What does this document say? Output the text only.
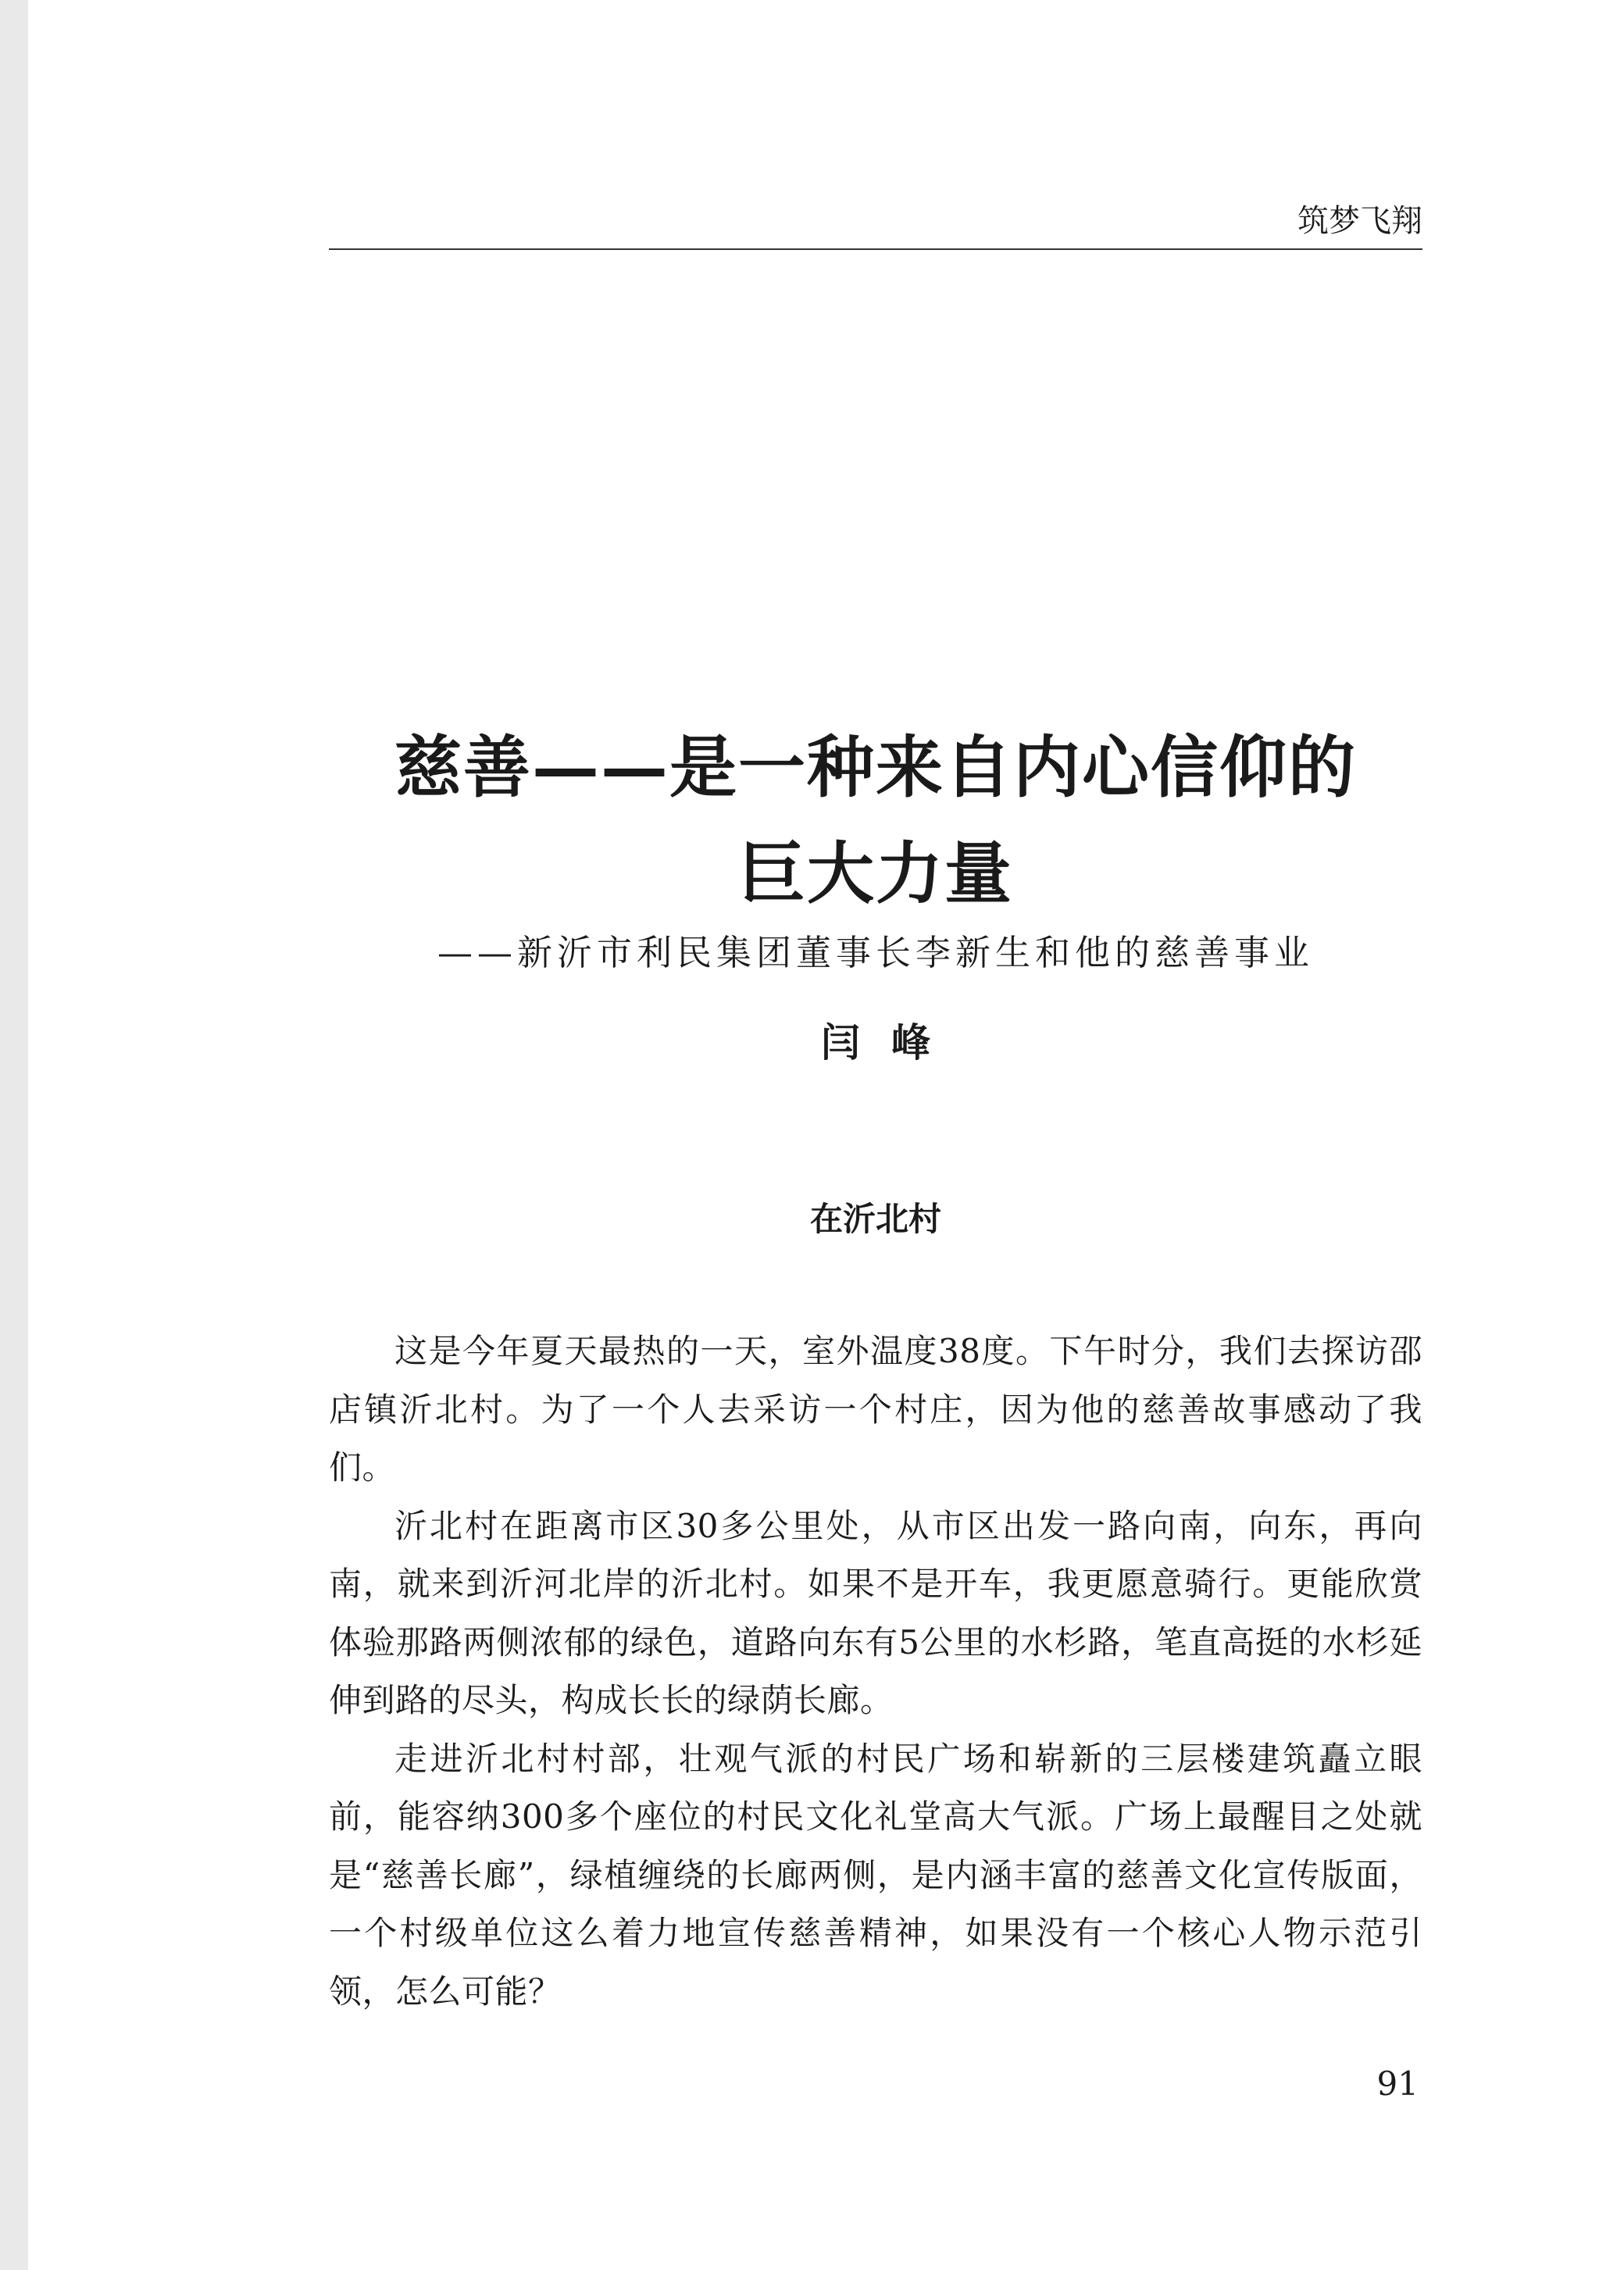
筑梦飞翔
慈善——是一种来自内心信仰的
巨大力量
——新沂市利民集团董事长李新生和他的慈善事业
闫峰
在沂北村

这是今年夏天最热的一天，室外温度38度。下午时分，我们去探访邵店镇沂北村。为了一个人去采访一个村庄，因为他的慈善故事感动了我们。

沂北村在距离市区30多公里处，从市区出发一路向南，向东，再向南，就来到沂河北岸的沂北村。如果不是开车，我更愿意骑行。更能欣赏体验那路两侧浓郁的绿色，道路向东有5公里的水杉路，笔直高挺的水杉延伸到路的尽头，构成长长的绿荫长廊。

走进沂北村村部，壮观气派的村民广场和崭新的三层楼建筑矗立眼前，能容纳300多个座位的村民文化礼堂高大气派。广场上最醒目之处就是“慈善长廊”，绿植缠绕的长廊两侧，是内涵丰富的慈善文化宣传版面，一个村级单位这么着力地宣传慈善精神，如果没有一个核心人物示范引领，怎么可能？

91
